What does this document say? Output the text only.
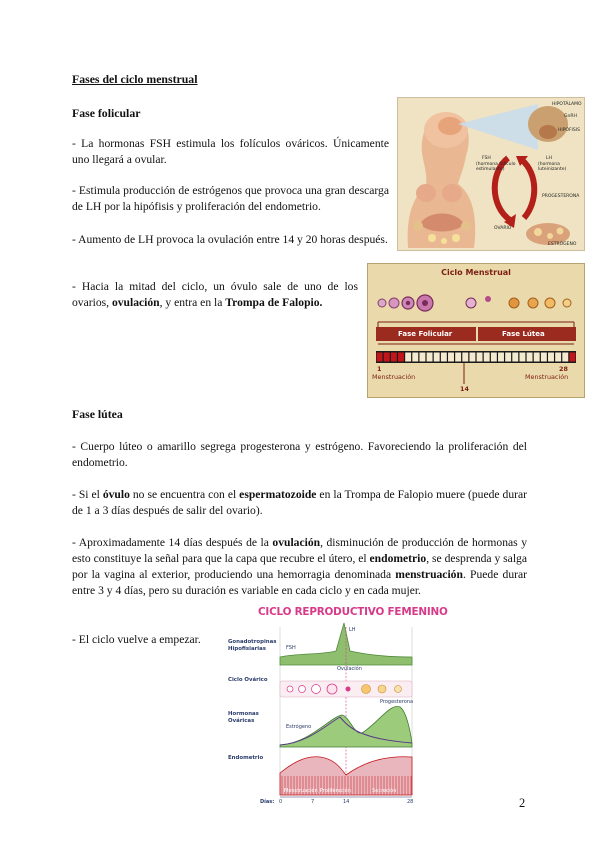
Fases del ciclo menstrual
Fase folicular
- La hormonas FSH estimula los folículos ováricos. Únicamente uno llegará a ovular.
- Estimula producción de estrógenos que provoca una gran descarga de LH por la hipófisis y proliferación del endometrio.
- Aumento de LH provoca la ovulación entre 14 y 20 horas después.
- Hacia la mitad del ciclo, un óvulo sale de uno de los ovarios, ovulación, y entra en la Trompa de Falopio.
Fase lútea
- Cuerpo lúteo o amarillo segrega progesterona y estrógeno. Favoreciendo la proliferación del endometrio.
- Si el óvulo no se encuentra con el espermatozoide en la Trompa de Falopio muere (puede durar de 1 a 3 días después de salir del ovario).
- Aproximadamente 14 días después de la ovulación, disminución de producción de hormonas y esto constituye la señal para que la capa que recubre el útero, el endometrio, se desprenda y salga por la vagina al exterior, produciendo una hemorragia denominada menstruación. Puede durar entre 3 y 4 días, pero su duración es variable en cada ciclo y en cada mujer.
- El ciclo vuelve a empezar.
HIPOTÁLAMO
GnRH
HIPÓFISIS
FSH
(hormona folículo estimulante)
LH
(hormona luteinizante)
PROGESTERONA
OVARIO
ESTRÓGENO
Ciclo Menstrual
Fase Folicular	Fase Lútea
1	28
Menstruación	Menstruación
14
CICLO REPRODUCTIVO FEMENINO
Gonadotropinas Hipofisiarias
Ciclo Ovárico
Hormonas Ováricas
Endometrio
FSH
LH
Ovulación
Estrógeno
Progesterona
Menstruación Proliferación	Secreción
Días: 0	7	14	28	2
